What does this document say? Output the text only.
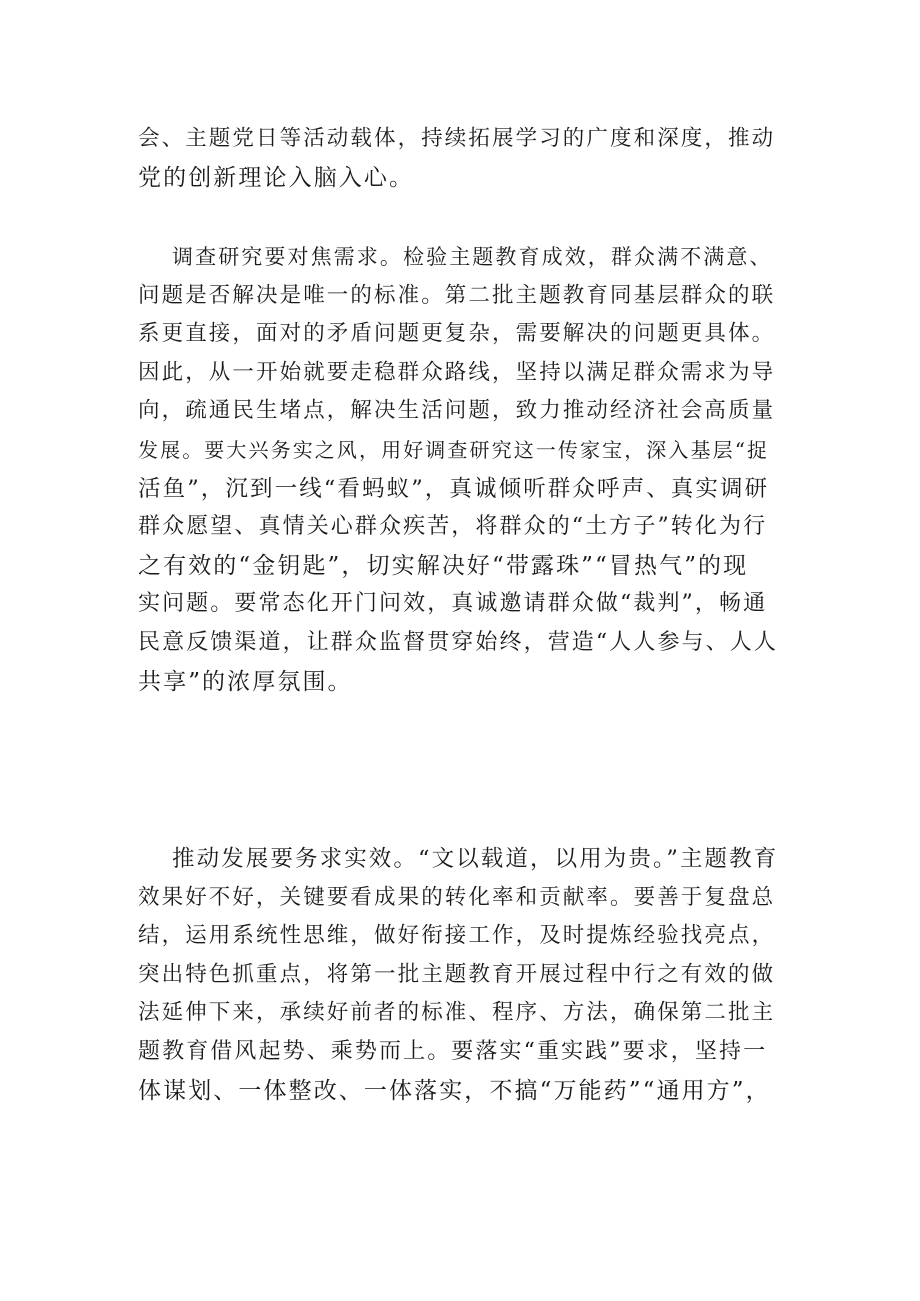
会、主题党日等活动载体，持续拓展学习的广度和深度，推动
党的创新理论入脑入心。
调查研究要对焦需求。检验主题教育成效，群众满不满意、
问题是否解决是唯一的标准。第二批主题教育同基层群众的联
系更直接，面对的矛盾问题更复杂，需要解决的问题更具体。
因此，从一开始就要走稳群众路线，坚持以满足群众需求为导
向，疏通民生堵点，解决生活问题，致力推动经济社会高质量
发展。要大兴务实之风，用好调查研究这一传家宝，深入基层“捉
活鱼”，沉到一线“看蚂蚁”，真诚倾听群众呼声、真实调研
群众愿望、真情关心群众疾苦，将群众的“土方子”转化为行
之有效的“金钥匙”，切实解决好“带露珠”“冒热气”的现
实问题。要常态化开门问效，真诚邀请群众做“裁判”，畅通
民意反馈渠道，让群众监督贯穿始终，营造“人人参与、人人
共享”的浓厚氛围。
推动发展要务求实效。“文以载道，以用为贵。”主题教育
效果好不好，关键要看成果的转化率和贡献率。要善于复盘总
结，运用系统性思维，做好衔接工作，及时提炼经验找亮点，
突出特色抓重点，将第一批主题教育开展过程中行之有效的做
法延伸下来，承续好前者的标准、程序、方法，确保第二批主
题教育借风起势、乘势而上。要落实“重实践”要求，坚持一
体谋划、一体整改、一体落实，不搞“万能药”“通用方”，
